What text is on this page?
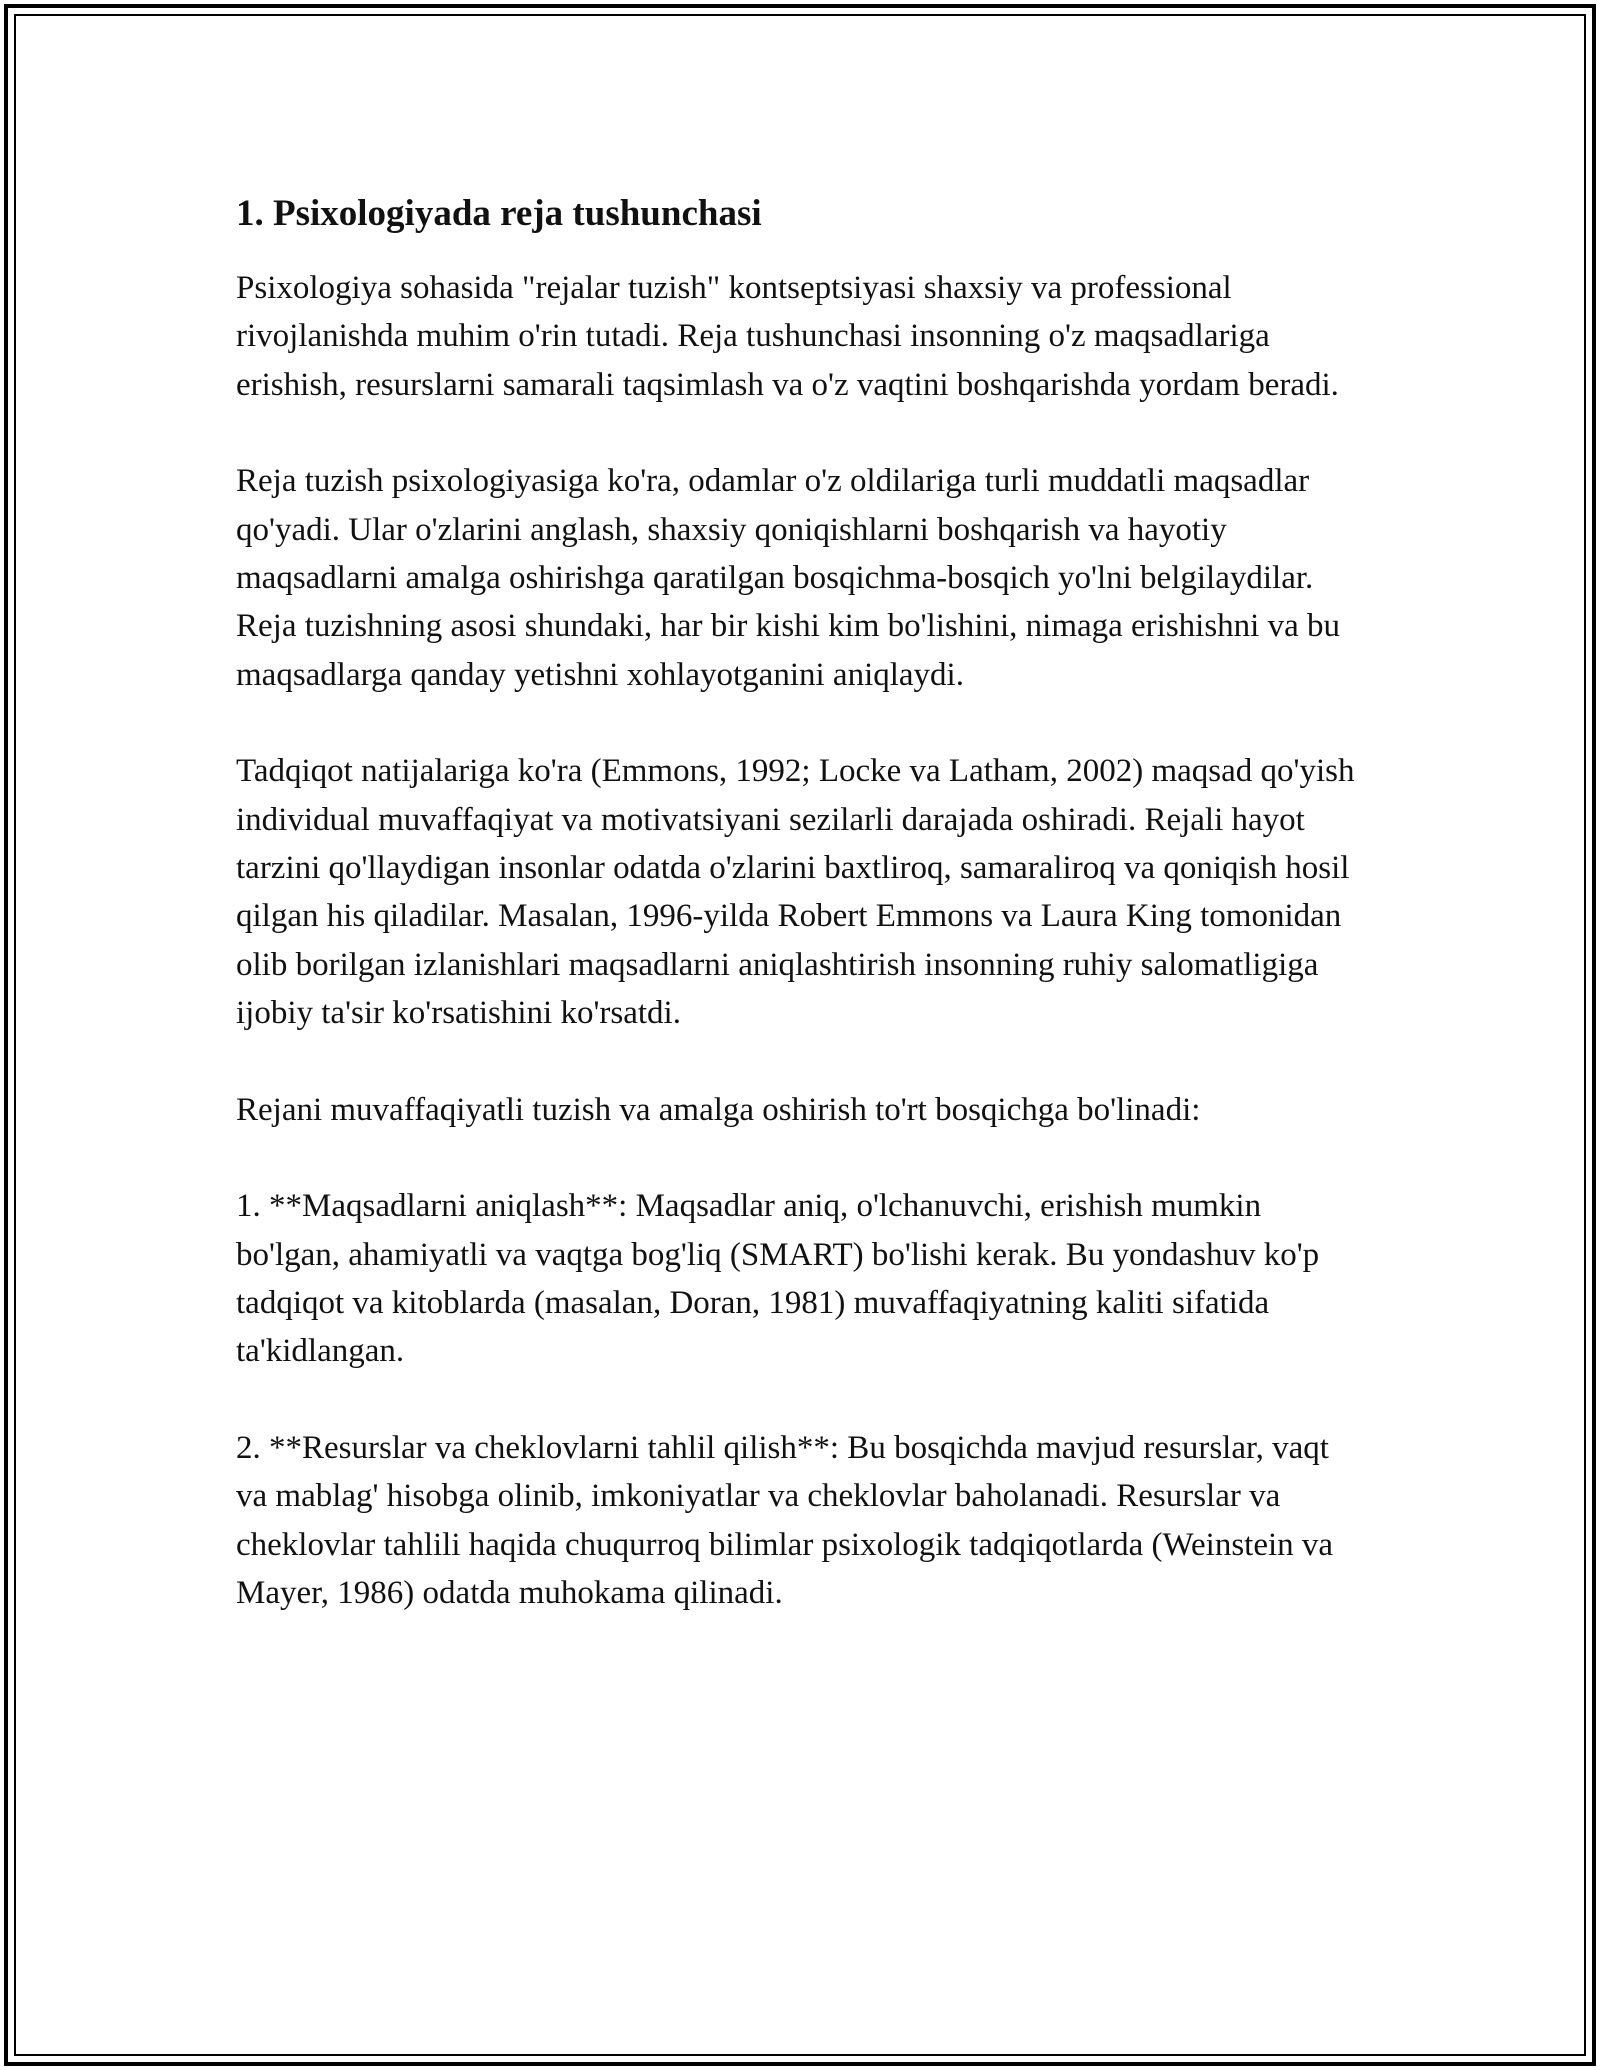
1. Psixologiyada reja tushunchasi

Psixologiya sohasida "rejalar tuzish" kontseptsiyasi shaxsiy va professional rivojlanishda muhim o'rin tutadi. Reja tushunchasi insonning o'z maqsadlariga erishish, resurslarni samarali taqsimlash va o'z vaqtini boshqarishda yordam beradi.

Reja tuzish psixologiyasiga ko'ra, odamlar o'z oldilariga turli muddatli maqsadlar qo'yadi. Ular o'zlarini anglash, shaxsiy qoniqishlarni boshqarish va hayotiy maqsadlarni amalga oshirishga qaratilgan bosqichma-bosqich yo'lni belgilaydilar. Reja tuzishning asosi shundaki, har bir kishi kim bo'lishini, nimaga erishishni va bu maqsadlarga qanday yetishni xohlayotganini aniqlaydi.

Tadqiqot natijalariga ko'ra (Emmons, 1992; Locke va Latham, 2002) maqsad qo'yish individual muvaffaqiyat va motivatsiyani sezilarli darajada oshiradi. Rejali hayot tarzini qo'llaydigan insonlar odatda o'zlarini baxtliroq, samaraliroq va qoniqish hosil qilgan his qiladilar. Masalan, 1996-yilda Robert Emmons va Laura King tomonidan olib borilgan izlanishlari maqsadlarni aniqlashtirish insonning ruhiy salomatligiga ijobiy ta'sir ko'rsatishini ko'rsatdi.

Rejani muvaffaqiyatli tuzish va amalga oshirish to'rt bosqichga bo'linadi:

1. **Maqsadlarni aniqlash**: Maqsadlar aniq, o'lchanuvchi, erishish mumkin bo'lgan, ahamiyatli va vaqtga bog'liq (SMART) bo'lishi kerak. Bu yondashuv ko'p tadqiqot va kitoblarda (masalan, Doran, 1981) muvaffaqiyatning kaliti sifatida ta'kidlangan.

2. **Resurslar va cheklovlarni tahlil qilish**: Bu bosqichda mavjud resurslar, vaqt va mablag' hisobga olinib, imkoniyatlar va cheklovlar baholanadi. Resurslar va cheklovlar tahlili haqida chuqurroq bilimlar psixologik tadqiqotlarda (Weinstein va Mayer, 1986) odatda muhokama qilinadi.
